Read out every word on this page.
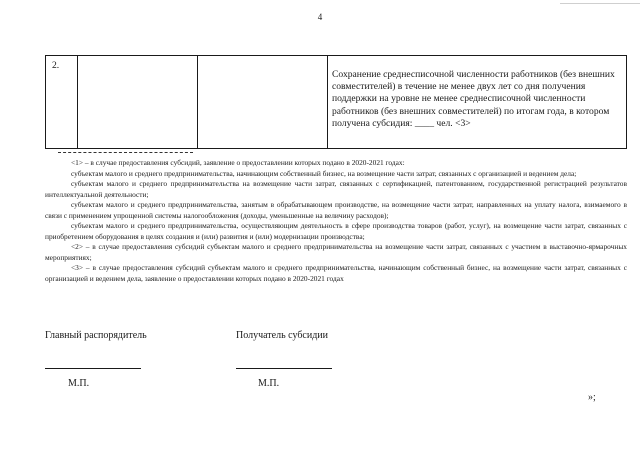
4
2.			Сохранение среднесписочной численности работников (без внешних совместителей) в течение не менее двух лет со дня получения поддержки на уровне не менее среднесписочной численности работников (без внешних совместителей) по итогам года, в котором получена субсидия: ____ чел. <3>

<1> – в случае предоставления субсидий, заявление о предоставлении которых подано в 2020-2021 годах:

субъектам малого и среднего предпринимательства, начинающим собственный бизнес, на возмещение части затрат, связанных с организацией и ведением дела;

субъектам малого и среднего предпринимательства на возмещение части затрат, связанных с сертификацией, патентованием, государственной регистрацией результатов интеллектуальной деятельности;

субъектам малого и среднего предпринимательства, занятым в обрабатывающем производстве, на возмещение части затрат, направленных на уплату налога, взимаемого в связи с применением упрощенной системы налогообложения (доходы, уменьшенные на величину расходов);

субъектам малого и среднего предпринимательства, осуществляющим деятельность в сфере производства товаров (работ, услуг), на возмещение части затрат, связанных с приобретением оборудования в целях создания и (или) развития и (или) модернизации производства;

<2> – в случае предоставления субсидий субъектам малого и среднего предпринимательства на возмещение части затрат, связанных с участием в выставочно-ярмарочных мероприятиях;

<3> – в случае предоставления субсидий субъектам малого и среднего предпринимательства, начинающим собственный бизнес, на возмещение части затрат, связанных с организацией и ведением дела, заявление о предоставлении которых подано в 2020-2021 годах

Главный распорядитель	Получатель субсидии
М.П.	М.П.
»;
